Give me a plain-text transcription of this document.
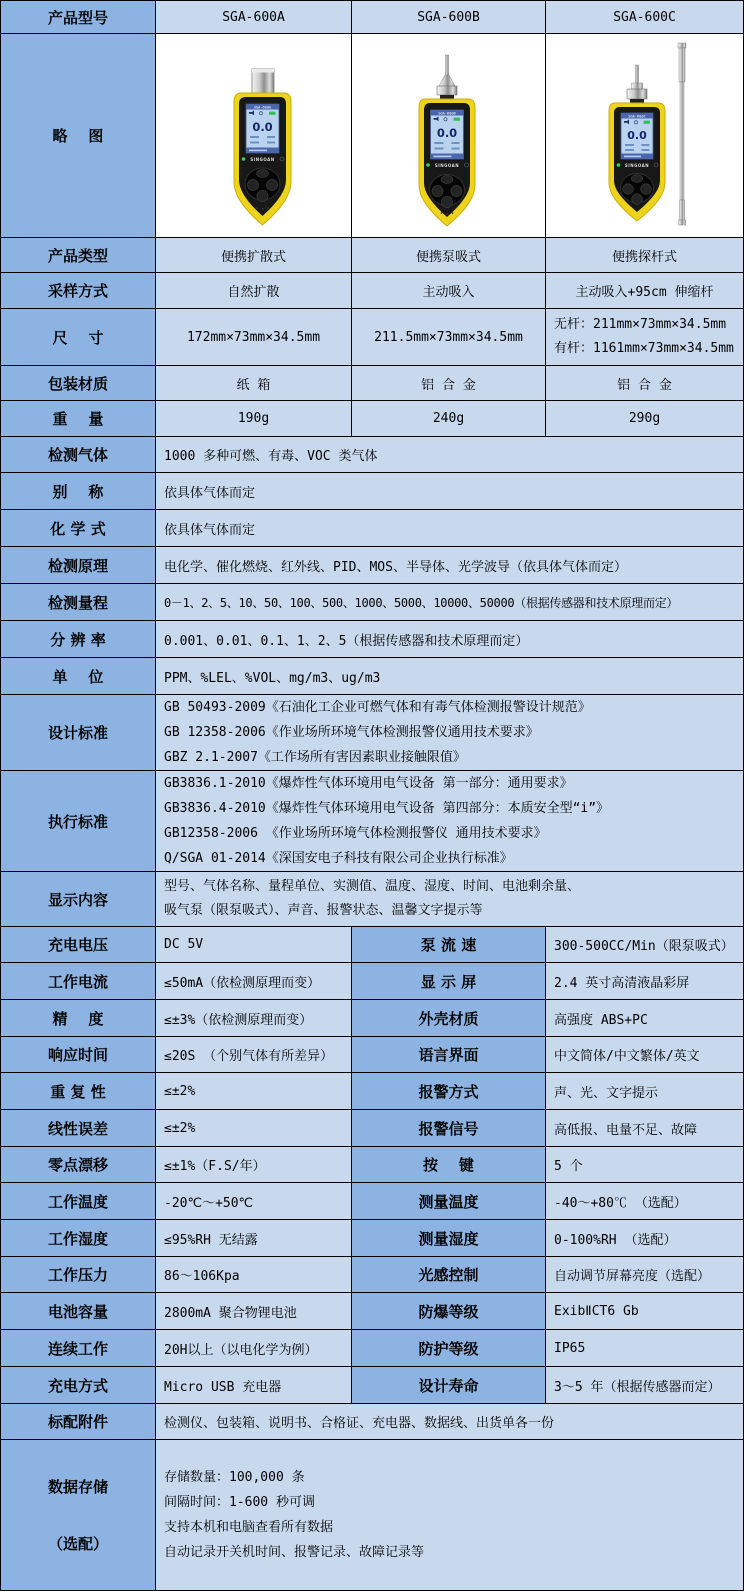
产品型号	SGA-600A	SGA-600B	SGA-600C
略    图	SGA-600A
0.0
SINGOAN	SGA-600B
0.0
SINGOAN	SGA-600C
0.0
SINGOAN

产品类型	便携扩散式	便携泵吸式	便携探杆式
采样方式	自然扩散	主动吸入	主动吸入+95cm 伸缩杆
尺    寸	172mm×73mm×34.5mm	211.5mm×73mm×34.5mm	无杆：211mm×73mm×34.5mm
有杆：1161mm×73mm×34.5mm

包装材质	纸 箱	铝 合 金	铝 合 金
重    量	190g	240g	290g
检测气体	1000 多种可燃、有毒、VOC 类气体		
别    称	依具体气体而定		
化 学 式	依具体气体而定		
检测原理	电化学、催化燃烧、红外线、PID、MOS、半导体、光学波导（依具体气体而定）		
检测量程	0－1、2、5、10、50、100、500、1000、5000、10000、50000（根据传感器和技术原理而定）		
分 辨 率	0.001、0.01、0.1、1、2、5（根据传感器和技术原理而定）		
单    位	PPM、%LEL、%VOL、mg/m3、ug/m3		
设计标准	GB 50493-2009《石油化工企业可燃气体和有毒气体检测报警设计规范》
GB 12358-2006《作业场所环境气体检测报警仪通用技术要求》
GBZ 2.1-2007《工作场所有害因素职业接触限值》		

执行标准	GB3836.1-2010《爆炸性气体环境用电气设备 第一部分：通用要求》
GB3836.4-2010《爆炸性气体环境用电气设备 第四部分：本质安全型“i”》
GB12358-2006 《作业场所环境气体检测报警仪 通用技术要求》
Q/SGA 01-2014《深国安电子科技有限公司企业执行标准》		

显示内容	型号、气体名称、量程单位、实测值、温度、湿度、时间、电池剩余量、
吸气泵（限泵吸式）、声音、报警状态、温馨文字提示等		

充电电压	DC 5V	泵 流 速	300-500CC/Min（限泵吸式）
工作电流	≤50mA（依检测原理而变）	显 示 屏	2.4 英寸高清液晶彩屏
精    度	≤±3%（依检测原理而变）	外壳材质	高强度 ABS+PC
响应时间	≤20S （个别气体有所差异）	语言界面	中文简体/中文繁体/英文
重 复 性	≤±2%	报警方式	声、光、文字提示
线性误差	≤±2%	报警信号	高低报、电量不足、故障
零点漂移	≤±1%（F.S/年）	按    键	5 个
工作温度	-20℃～+50℃	测量温度	-40～+80℃ （选配）
工作湿度	≤95%RH 无结露	测量湿度	0-100%RH （选配）
工作压力	86～106Kpa	光感控制	自动调节屏幕亮度（选配）
电池容量	2800mA 聚合物锂电池	防爆等级	ExibⅡCT6 Gb
连续工作	20H以上（以电化学为例）	防护等级	IP65
充电方式	Micro USB 充电器	设计寿命	3～5 年（根据传感器而定）
标配附件	检测仪、包装箱、说明书、合格证、充电器、数据线、出货单各一份		

数据存储

（选配）

存储数量：100,000 条
间隔时间：1-600 秒可调
支持本机和电脑查看所有数据
自动记录开关机时间、报警记录、故障记录等
